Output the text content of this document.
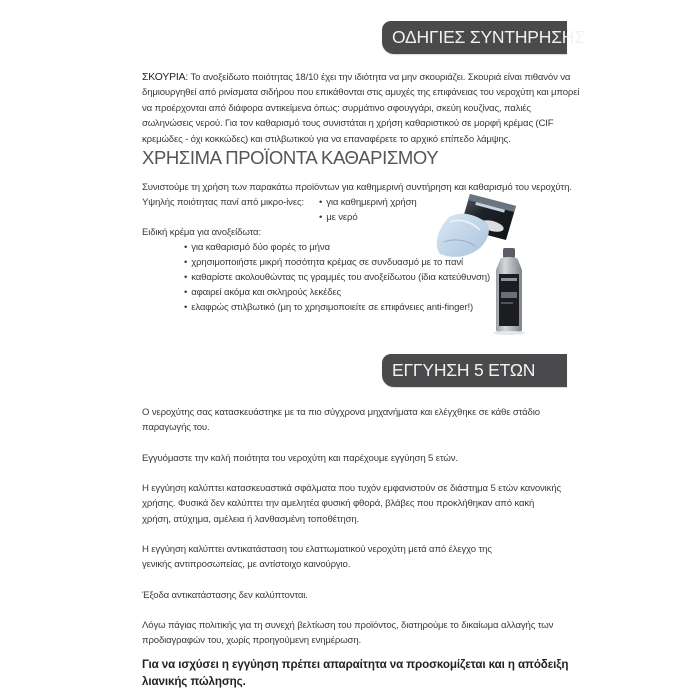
ΟΔΗΓΙΕΣ ΣΥΝΤΗΡΗΣΗΣ
ΣΚΟΥΡΙΑ: Το ανοξείδωτο ποιότητας 18/10 έχει την ιδιότητα να μην σκουριάζει. Σκουριά είναι πιθανόν να δημιουργηθεί από ρινίσματα σιδήρου που επικάθονται στις αμυχές της επιφάνειας του νεροχύτη και μπορεί να προέρχονται από διάφορα αντικείμενα όπως: συρμάτινο σφουγγάρι, σκεύη κουζίνας, παλιές σωληνώσεις νερού. Για τον καθαρισμό τους συνιστάται η χρήση καθαριστικού σε μορφή κρέμας (CIF κρεμώδες - όχι κοκκώδες) και στιλβωτικού για να επαναφέρετε το αρχικό επίπεδο λάμψης.
ΧΡΗΣΙΜΑ ΠΡΟΪΟΝΤΑ ΚΑΘΑΡΙΣΜΟΥ
Συνιστούμε τη χρήση των παρακάτω προϊόντων για καθημερινή συντήρηση και καθαρισμό του νεροχύτη.
Υψηλής ποιότητας πανί από μικρο-ίνες:	• για καθημερινή χρήση
• με νερό
Ειδική κρέμα για ανοξείδωτα:
• για καθαρισμό δύο φορές το μήνα
• χρησιμοποιήστε μικρή ποσότητα κρέμας σε συνδυασμό με το πανί
• καθαρίστε ακολουθώντας τις γραμμές του ανοξείδωτου (ίδια κατεύθυνση)
• αφαιρεί ακόμα και σκληρούς λεκέδες
• ελαφρώς στιλβωτικό (μη το χρησιμοποιείτε σε επιφάνειες anti-finger!)
ΕΓΓΥΗΣΗ 5 ΕΤΩΝ
Ο νεροχύτης σας κατασκευάστηκε με τα πιο σύγχρονα μηχανήματα και ελέγχθηκε σε κάθε στάδιο παραγωγής του.
Εγγυόμαστε την καλή ποιότητα του νεροχύτη και παρέχουμε εγγύηση 5 ετών.
Η εγγύηση καλύπτει κατασκευαστικά σφάλματα που τυχόν εμφανιστούν σε διάστημα 5 ετών κανονικής χρήσης. Φυσικά δεν καλύπτει την αμελητέα φυσική φθορά, βλάβες που προκλήθηκαν από κακή χρήση, ατύχημα, αμέλεια ή λανθασμένη τοποθέτηση.
Η εγγύηση καλύπτει αντικατάσταση του ελαττωματικού νεροχύτη μετά από έλεγχο της γενικής αντιπροσωπείας, με αντίστοιχο καινούργιο.
Έξοδα αντικατάστασης δεν καλύπτονται.
Λόγω πάγιας πολιτικής για τη συνεχή βελτίωση του προϊόντος, διατηρούμε το δικαίωμα αλλαγής των προδιαγραφών του, χωρίς προηγούμενη ενημέρωση.
Για να ισχύσει η εγγύηση πρέπει απαραίτητα να προσκομίζεται και η απόδειξη λιανικής πώλησης.
